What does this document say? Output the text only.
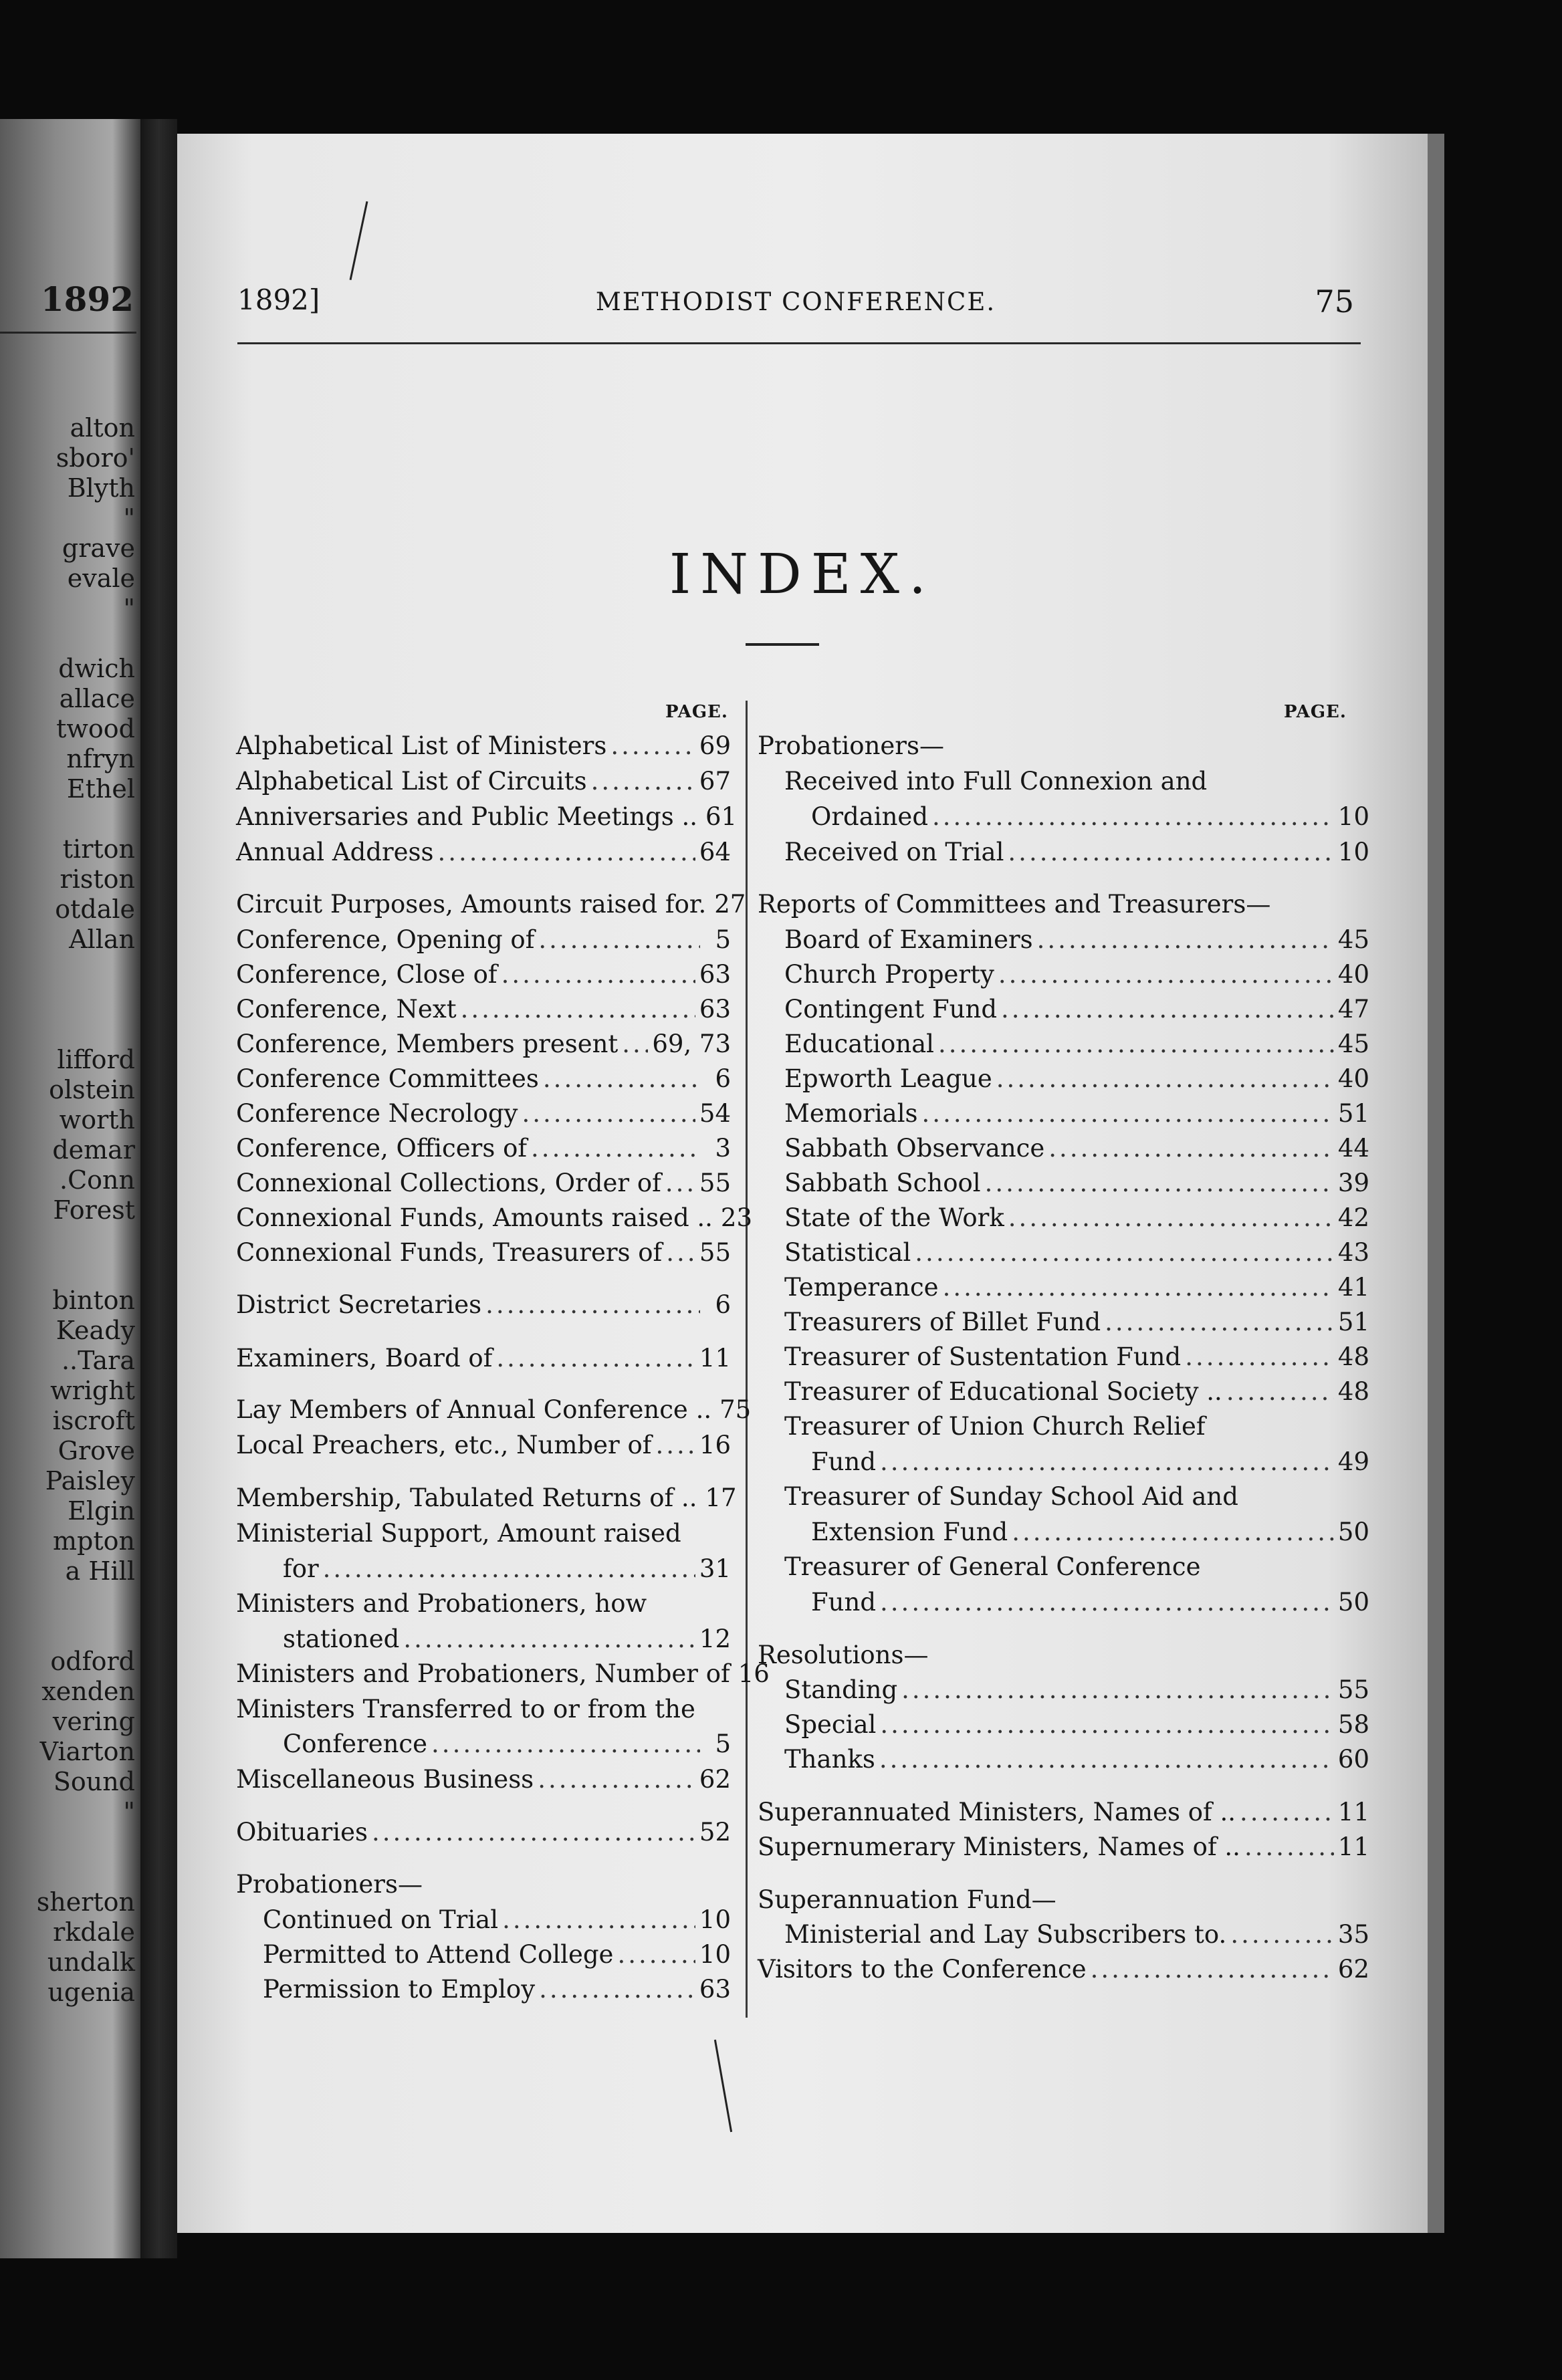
1892
alton
sboro'
Blyth
"
grave
evale
"
dwich
allace
twood
nfryn
Ethel
tirton
riston
otdale
Allan
lifford
olstein
worth
demar
.Conn
Forest
binton
Keady
..Tara
wright
iscroft
Grove
Paisley
Elgin
mpton
a Hill
odford
xenden
vering
Viarton
Sound
"
sherton
rkdale
undalk
ugenia
1892]	METHODIST CONFERENCE.	75
INDEX.
PAGE.	PAGE.
Alphabetical List of Ministers .....	69
Alphabetical List of Circuits .....	67
Anniversaries and Public Meetings .. 61
Annual Address .....	64
Circuit Purposes, Amounts raised for. 27
Conference, Opening of .....	5
Conference, Close of .....	63
Conference, Next .....	63
Conference, Members present ..... 69, 73
Conference Committees .....	6
Conference Necrology .....	54
Conference, Officers of .....	3
Connexional Collections, Order of ..... 55
Connexional Funds, Amounts raised .. 23
Connexional Funds, Treasurers of ..... 55
District Secretaries .....	6
Examiners, Board of .....	11
Lay Members of Annual Conference .. 75
Local Preachers, etc., Number of ..... 16
Membership, Tabulated Returns of .. 17
Ministerial Support, Amount raised
for .....	31
Ministers and Probationers, how
stationed .....	12
Ministers and Probationers, Number of 16
Ministers Transferred to or from the
Conference .....	5
Miscellaneous Business .....	62
Obituaries .....	52
Probationers—
Continued on Trial .....	10
Permitted to Attend College .....	10
Permission to Employ .....	63
Probationers—
Received into Full Connexion and
Ordained .....	10
Received on Trial .....	10
Reports of Committees and Treasurers—
Board of Examiners .....	45
Church Property .....	40
Contingent Fund .....	47
Educational .....	45
Epworth League .....	40
Memorials .....	51
Sabbath Observance .....	44
Sabbath School .....	39
State of the Work .....	42
Statistical .....	43
Temperance .....	41
Treasurers of Billet Fund .....	51
Treasurer of Sustentation Fund .....	48
Treasurer of Educational Society .. .....	48
Treasurer of Union Church Relief
Fund .....	49
Treasurer of Sunday School Aid and
Extension Fund .....	50
Treasurer of General Conference
Fund .....	50
Resolutions—
Standing .....	55
Special .....	58
Thanks .....	60
Superannuated Ministers, Names of .. .....	11
Supernumerary Ministers, Names of .. .....	11
Superannuation Fund—
Ministerial and Lay Subscribers to. .....	35
Visitors to the Conference .....	62
